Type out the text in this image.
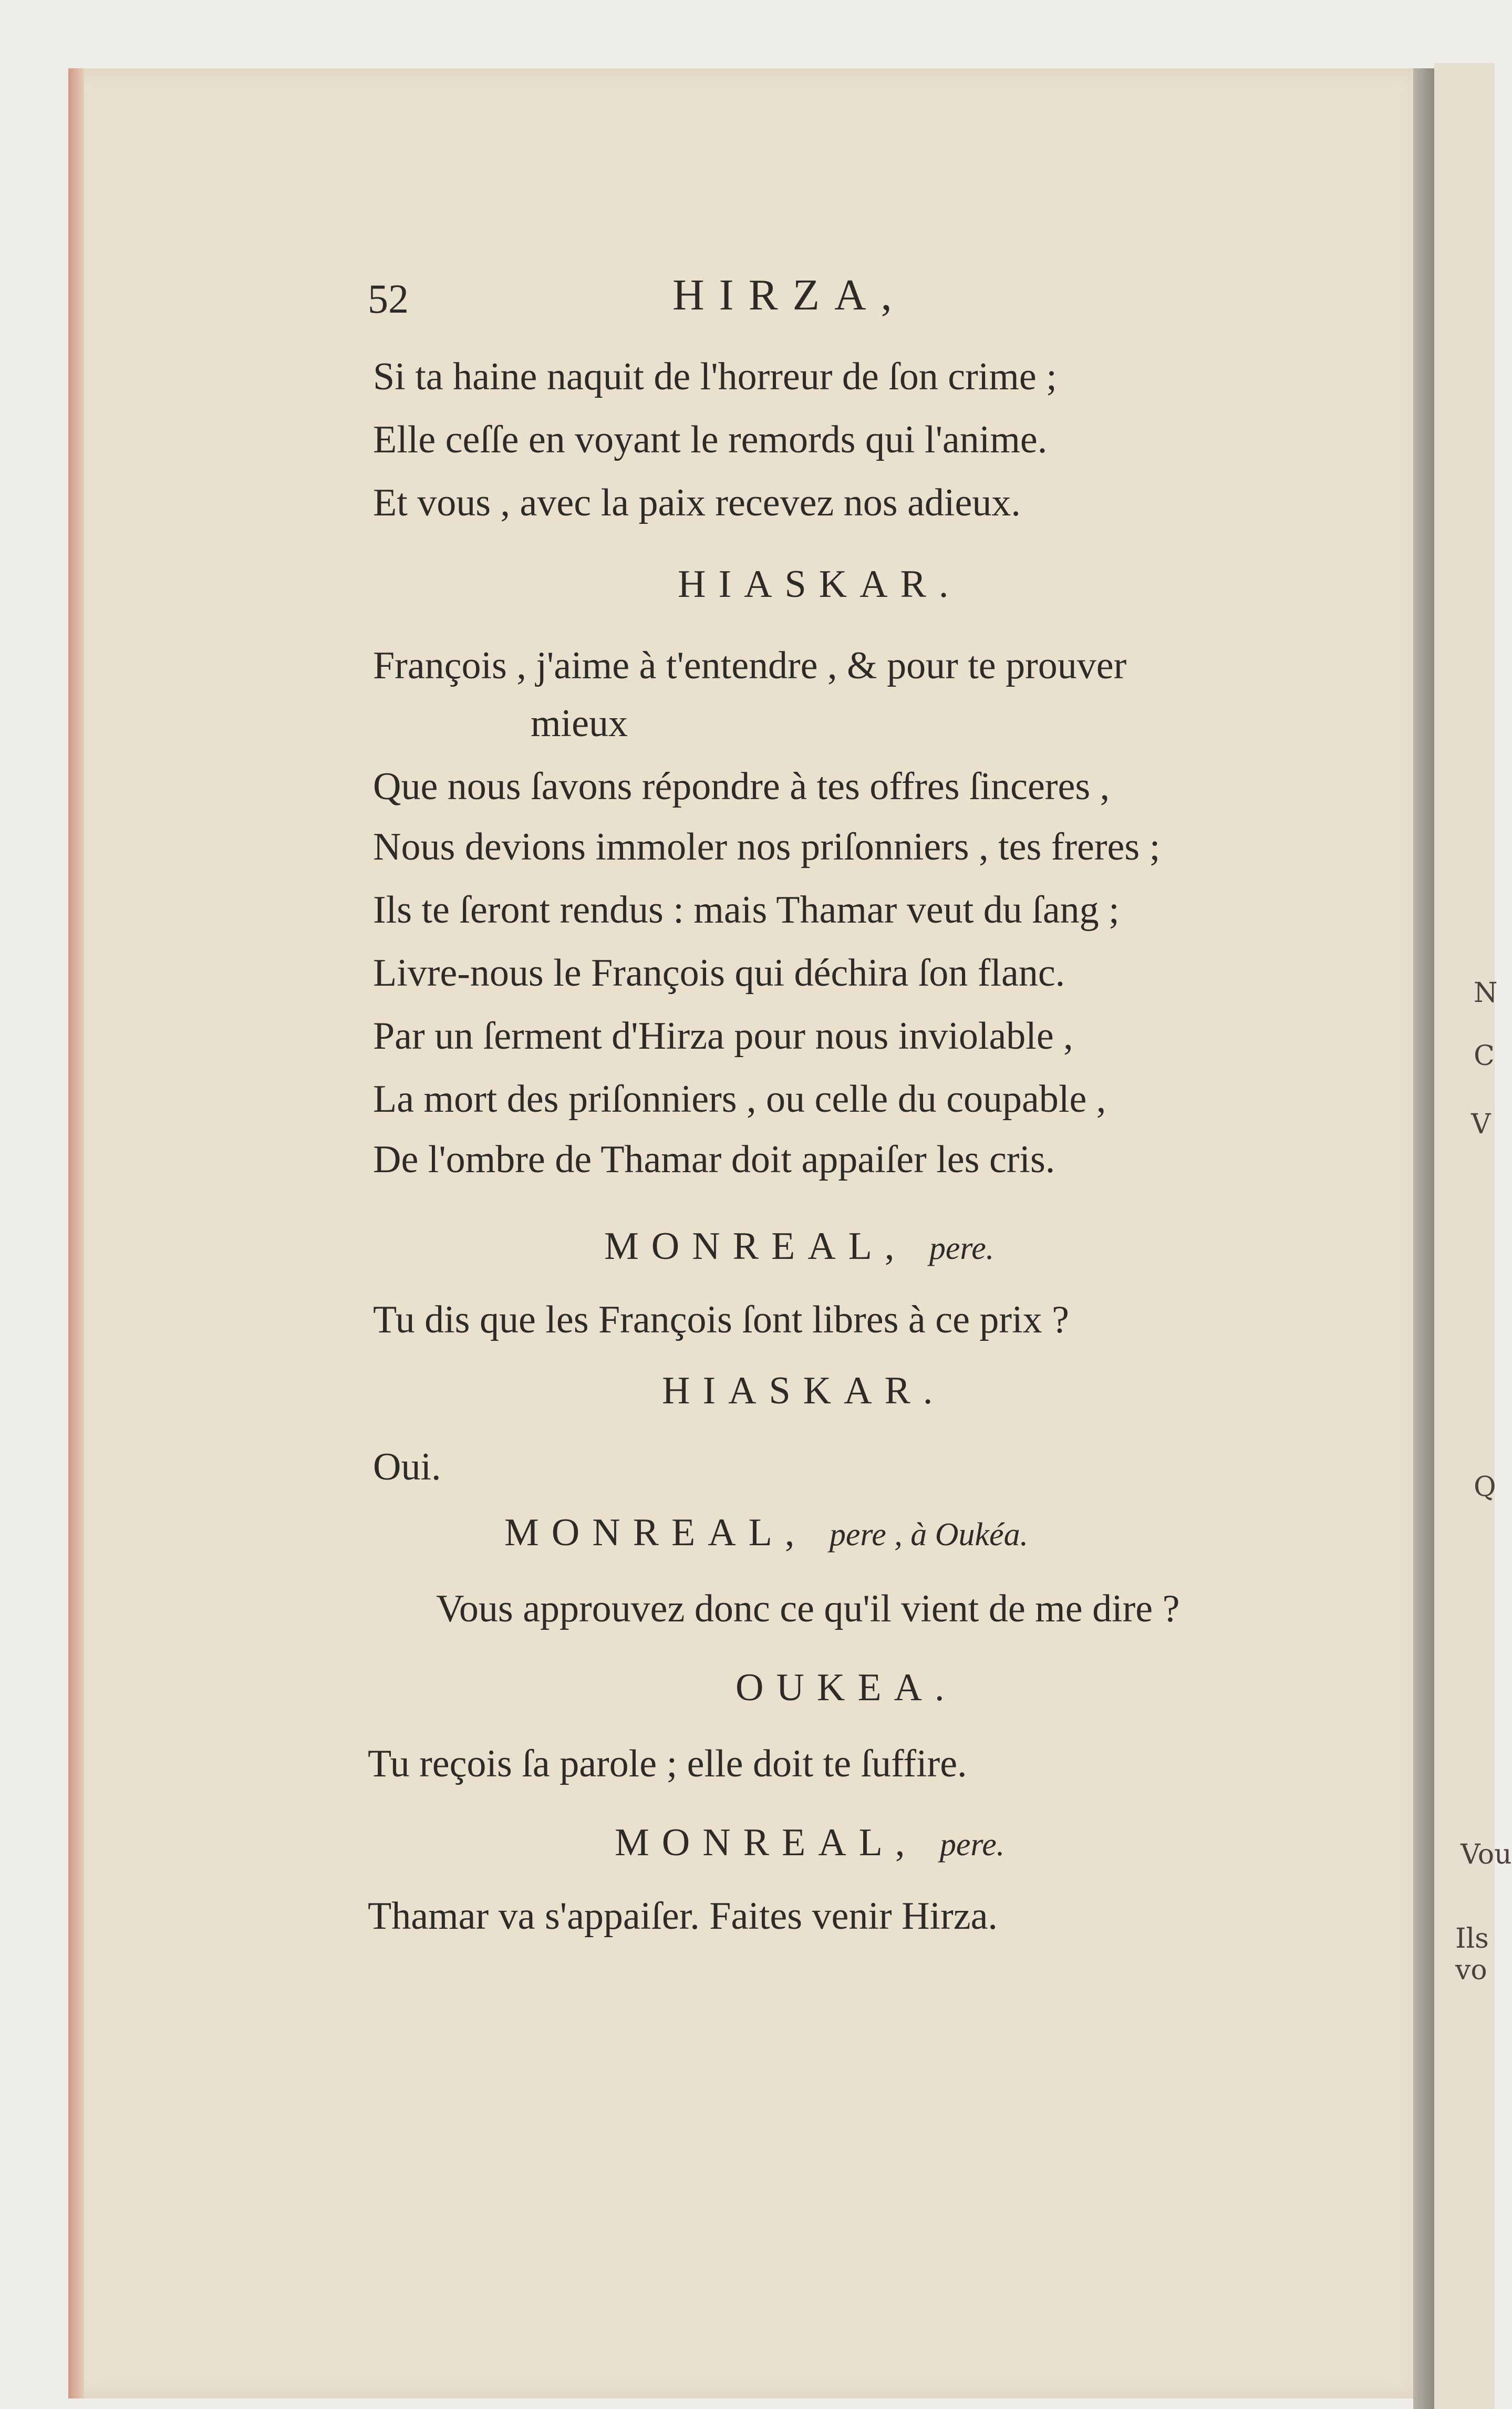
N
C
V
Q
Vou
Ils vo
52	HIRZA,
Si ta haine naquit de l'horreur de ſon crime ;
Elle ceſſe en voyant le remords qui l'anime.
Et vous , avec la paix recevez nos adieux.
HIASKAR.
François , j'aime à t'entendre , & pour te prouver
mieux
Que nous ſavons répondre à tes offres ſinceres ,
Nous devions immoler nos priſonniers , tes freres ;
Ils te ſeront rendus : mais Thamar veut du ſang ;
Livre-nous le François qui déchira ſon flanc.
Par un ſerment d'Hirza pour nous inviolable ,
La mort des priſonniers , ou celle du coupable ,
De l'ombre de Thamar doit appaiſer les cris.
MONREAL, pere.
Tu dis que les François ſont libres à ce prix ?
HIASKAR.
Oui.
MONREAL, pere , à Oukéa.
Vous approuvez donc ce qu'il vient de me dire ?
OUKEA.
Tu reçois ſa parole ; elle doit te ſuffire.
MONREAL, pere.
Thamar va s'appaiſer. Faites venir Hirza.
